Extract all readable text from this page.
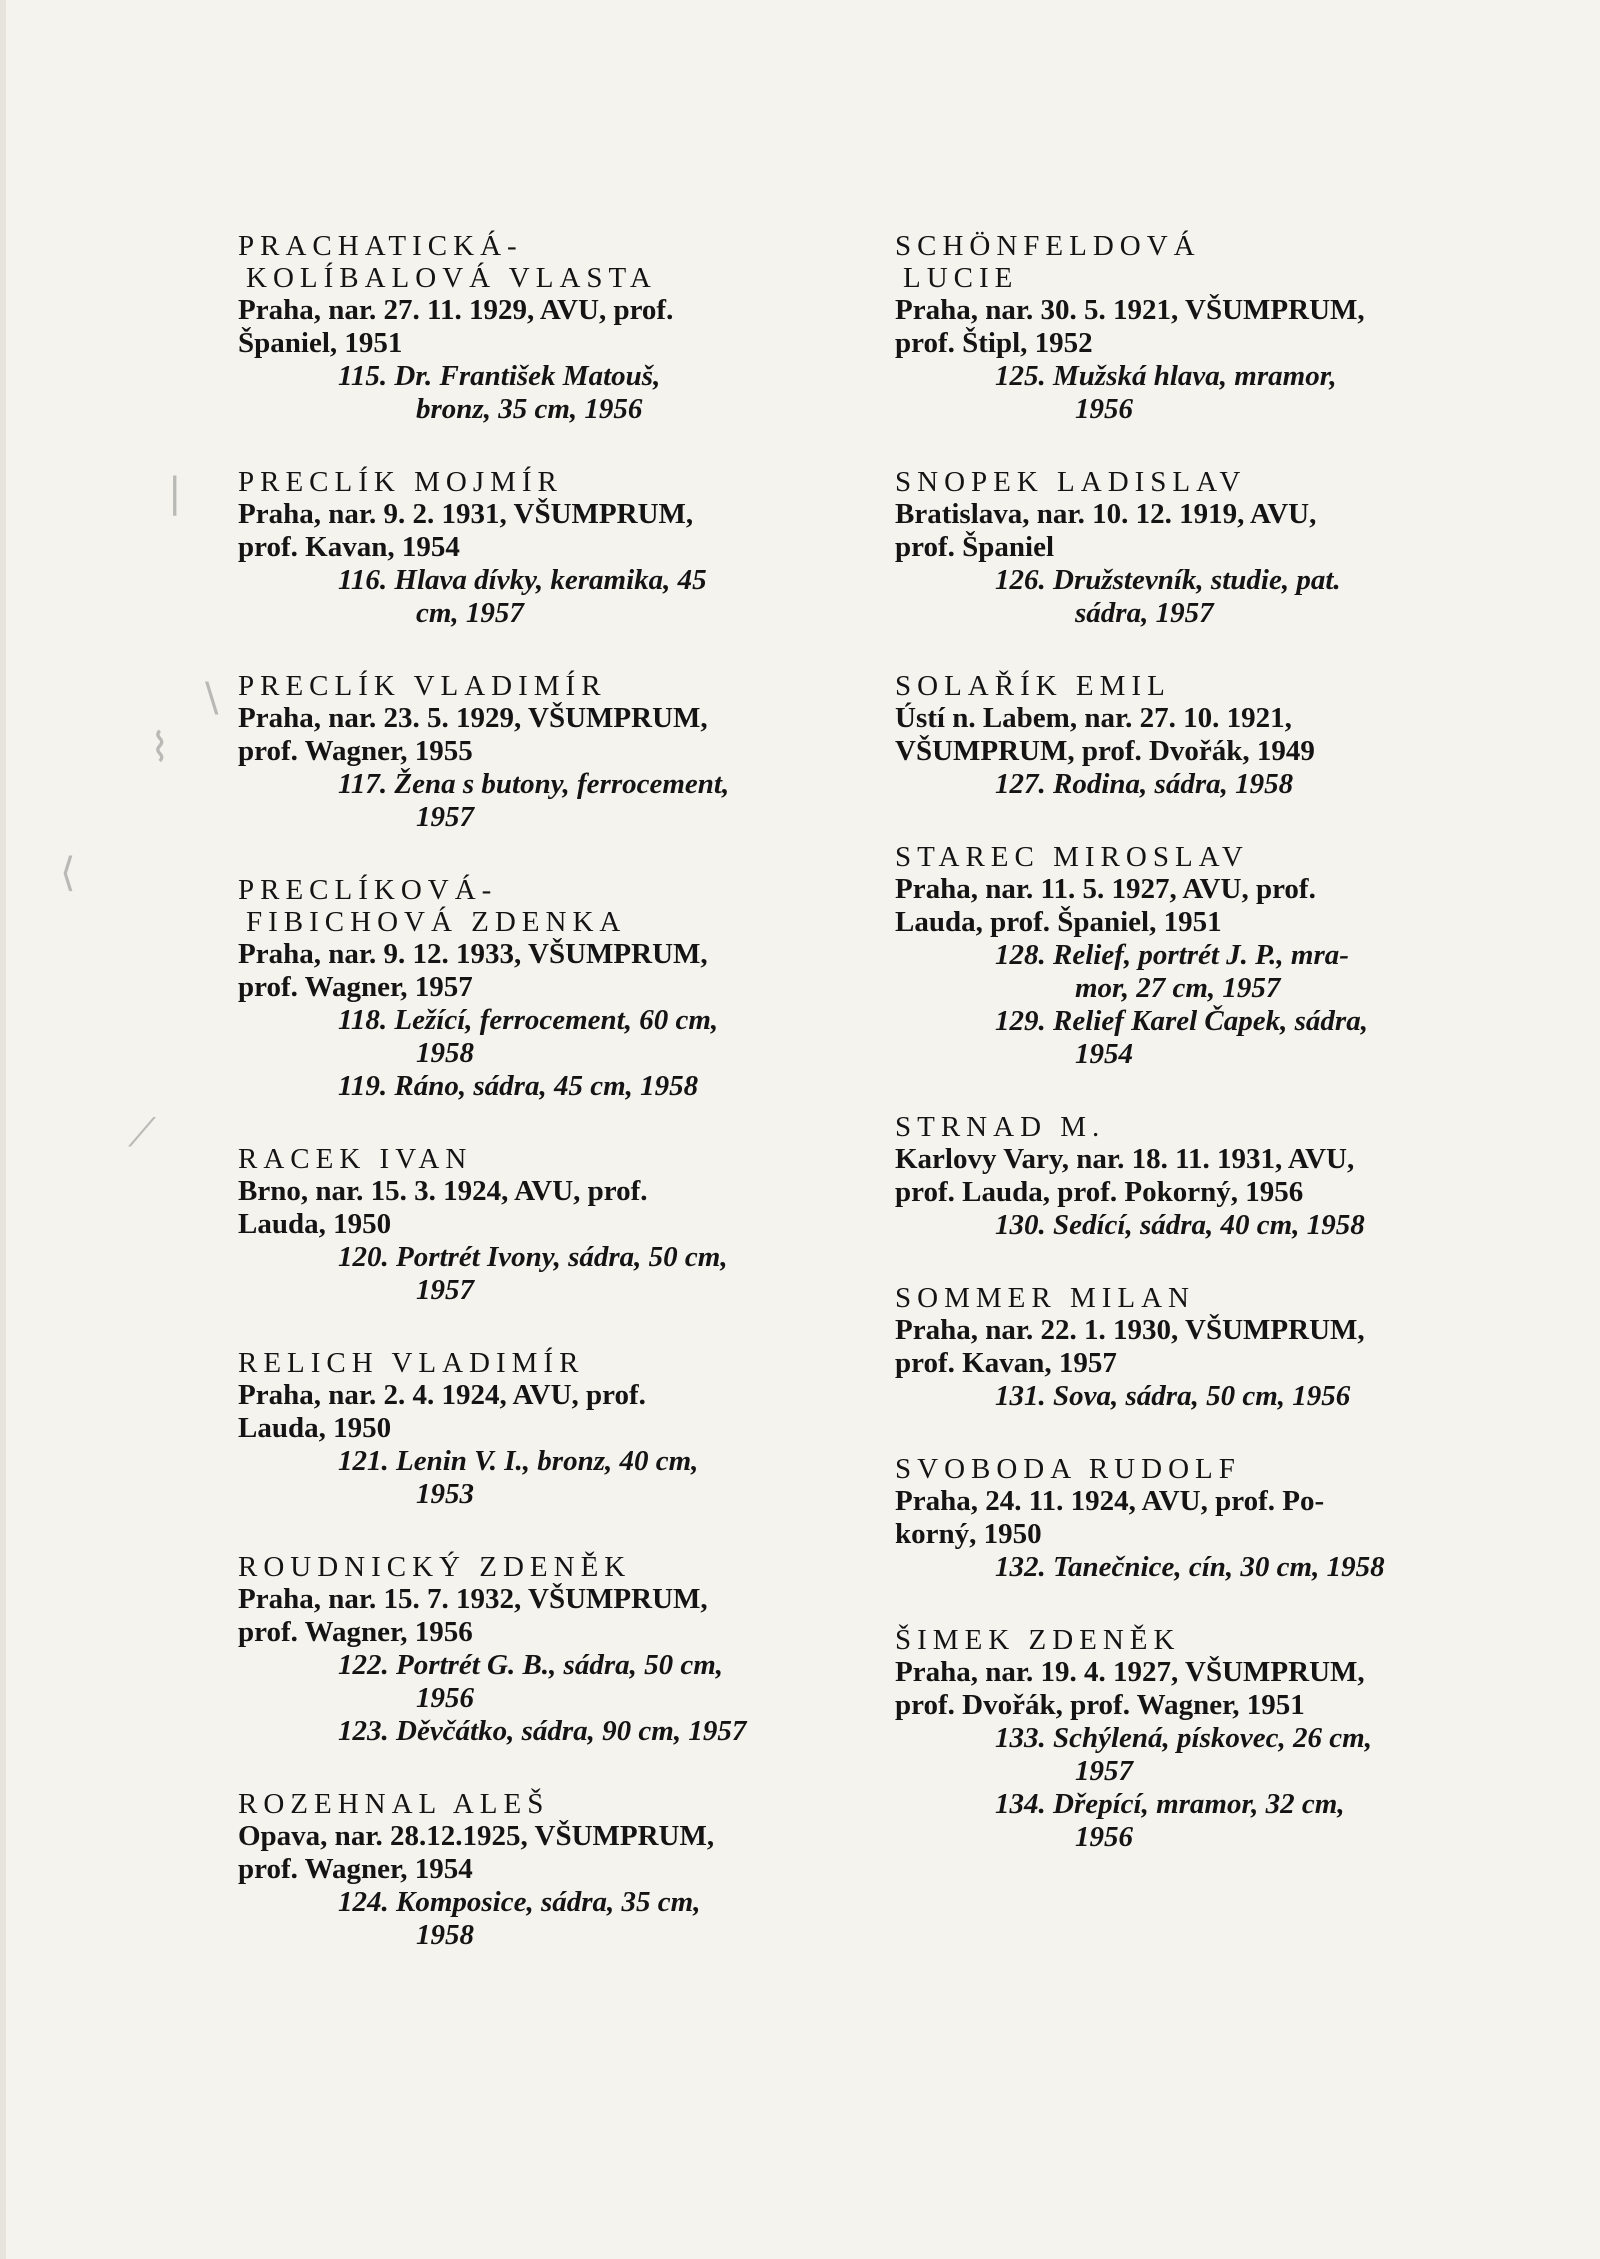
PRACHATICKÁ-
KOLÍBALOVÁ VLASTA
Praha, nar. 27. 11. 1929, AVU, prof.
Španiel, 1951
115. Dr. František Matouš,
bronz, 35 cm, 1956
PRECLÍK MOJMÍR
Praha, nar. 9. 2. 1931, VŠUMPRUM,
prof. Kavan, 1954
116. Hlava dívky, keramika, 45
cm, 1957
PRECLÍK VLADIMÍR
Praha, nar. 23. 5. 1929, VŠUMPRUM,
prof. Wagner, 1955
117. Žena s butony, ferrocement,
1957
PRECLÍKOVÁ-
FIBICHOVÁ ZDENKA
Praha, nar. 9. 12. 1933, VŠUMPRUM,
prof. Wagner, 1957
118. Ležící, ferrocement, 60 cm,
1958
119. Ráno, sádra, 45 cm, 1958
RACEK IVAN
Brno, nar. 15. 3. 1924, AVU, prof.
Lauda, 1950
120. Portrét Ivony, sádra, 50 cm,
1957
RELICH VLADIMÍR
Praha, nar. 2. 4. 1924, AVU, prof.
Lauda, 1950
121. Lenin V. I., bronz, 40 cm,
1953
ROUDNICKÝ ZDENĚK
Praha, nar. 15. 7. 1932, VŠUMPRUM,
prof. Wagner, 1956
122. Portrét G. B., sádra, 50 cm,
1956
123. Děvčátko, sádra, 90 cm, 1957
ROZEHNAL ALEŠ
Opava, nar. 28.12.1925, VŠUMPRUM,
prof. Wagner, 1954
124. Komposice, sádra, 35 cm,
1958
SCHÖNFELDOVÁ
LUCIE
Praha, nar. 30. 5. 1921, VŠUMPRUM,
prof. Štipl, 1952
125. Mužská hlava, mramor,
1956
SNOPEK LADISLAV
Bratislava, nar. 10. 12. 1919, AVU,
prof. Španiel
126. Družstevník, studie, pat.
sádra, 1957
SOLAŘÍK EMIL
Ústí n. Labem, nar. 27. 10. 1921,
VŠUMPRUM, prof. Dvořák, 1949
127. Rodina, sádra, 1958
STAREC MIROSLAV
Praha, nar. 11. 5. 1927, AVU, prof.
Lauda, prof. Španiel, 1951
128. Relief, portrét J. P., mra-
mor, 27 cm, 1957
129. Relief Karel Čapek, sádra,
1954
STRNAD M.
Karlovy Vary, nar. 18. 11. 1931, AVU,
prof. Lauda, prof. Pokorný, 1956
130. Sedící, sádra, 40 cm, 1958
SOMMER MILAN
Praha, nar. 22. 1. 1930, VŠUMPRUM,
prof. Kavan, 1957
131. Sova, sádra, 50 cm, 1956
SVOBODA RUDOLF
Praha, 24. 11. 1924, AVU, prof. Po-
korný, 1950
132. Tanečnice, cín, 30 cm, 1958
ŠIMEK ZDENĚK
Praha, nar. 19. 4. 1927, VŠUMPRUM,
prof. Dvořák, prof. Wagner, 1951
133. Schýlená, pískovec, 26 cm,
1957
134. Dřepící, mramor, 32 cm,
1956
|
\
⌇
⟨
⟋
